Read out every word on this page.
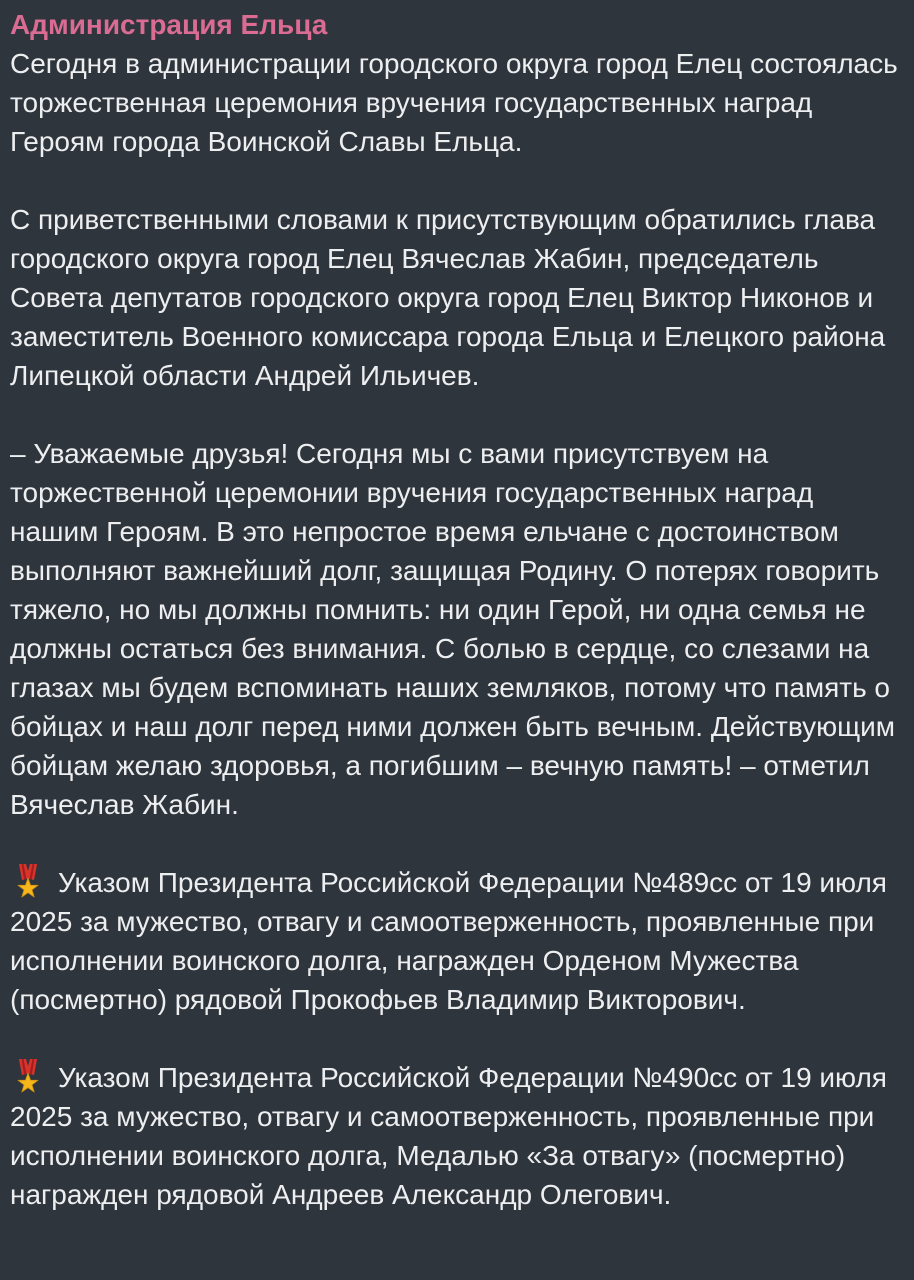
Администрация Ельца

Сегодня в администрации городского округа город Елец состоялась торжественная церемония вручения государственных наград Героям города Воинской Славы Ельца.

С приветственными словами к присутствующим обратились глава городского округа город Елец Вячеслав Жабин, председатель Совета депутатов городского округа город Елец Виктор Никонов и заместитель Военного комиссара города Ельца и Елецкого района Липецкой области Андрей Ильичев.

– Уважаемые друзья! Сегодня мы с вами присутствуем на торжественной церемонии вручения государственных наград нашим Героям. В это непростое время ельчане с достоинством выполняют важнейший долг, защищая Родину. О потерях говорить тяжело, но мы должны помнить: ни один Герой, ни одна семья не должны остаться без внимания. С болью в сердце, со слезами на глазах мы будем вспоминать наших земляков, потому что память о бойцах и наш долг перед ними должен быть вечным. Действующим бойцам желаю здоровья, а погибшим – вечную память! – отметил Вячеслав Жабин.

Указом Президента Российской Федерации №489сс от 19 июля 2025 за мужество, отвагу и самоотверженность, проявленные при исполнении воинского долга, награжден Орденом Мужества (посмертно) рядовой Прокофьев Владимир Викторович.

Указом Президента Российской Федерации №490сс от 19 июля 2025 за мужество, отвагу и самоотверженность, проявленные при исполнении воинского долга, Медалью «За отвагу» (посмертно) награжден рядовой Андреев Александр Олегович.
